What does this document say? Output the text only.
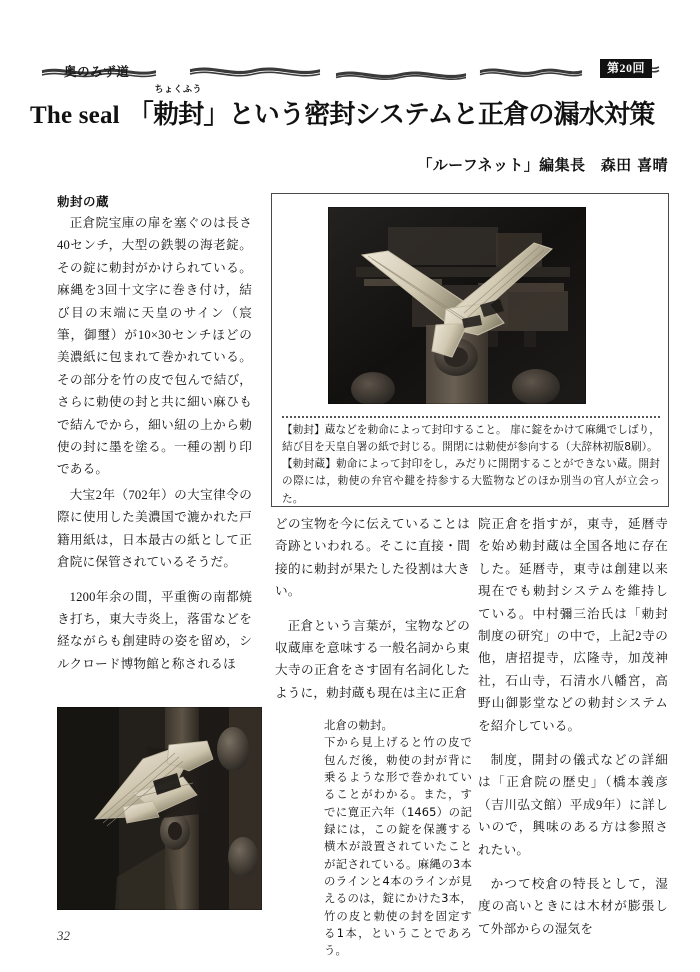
奥のみず道	第20回
The seal
ちょくふう
「勅封」という密封システムと正倉の漏水対策
「ルーフネット」編集長　森田 喜晴
勅封の蔵

正倉院宝庫の扉を塞ぐのは長さ40センチ，大型の鉄製の海老錠。その錠に勅封がかけられている。麻縄を3回十文字に巻き付け，結び目の末端に天皇のサイン（宸筆，御璽）が10×30センチほどの美濃紙に包まれて巻かれている。その部分を竹の皮で包んで結び，さらに勅使の封と共に細い麻ひもで結んでから，細い紐の上から勅使の封に墨を塗る。一種の割り印である。

大宝2年（702年）の大宝律令の際に使用した美濃国で漉かれた戸籍用紙は，日本最古の紙として正倉院に保管されているそうだ。

1200年余の間，平重衡の南都焼き打ち，東大寺炎上，落雷などを経ながらも創建時の姿を留め，シルクロード博物館と称されるほ

どの宝物を今に伝えていることは奇跡といわれる。そこに直接・間接的に勅封が果たした役割は大きい。

正倉という言葉が，宝物などの収蔵庫を意味する一般名詞から東大寺の正倉をさす固有名詞化したように，勅封蔵も現在は主に正倉

院正倉を指すが，東寺，延暦寺を始め勅封蔵は全国各地に存在した。延暦寺，東寺は創建以来現在でも勅封システムを維持している。中村彌三治氏は「勅封制度の研究」の中で，上記2寺の他，唐招提寺，広隆寺，加茂神社，石山寺，石清水八幡宮，高野山御影堂などの勅封システムを紹介している。

制度，開封の儀式などの詳細は「正倉院の歴史」（橋本義彦（吉川弘文館）平成9年）に詳しいので，興味のある方は参照されたい。

かつて校倉の特長として，湿度の高いときには木材が膨張して外部からの湿気を

【勅封】蔵などを勅命によって封印すること。 扉に錠をかけて麻縄でしばり，結び目を天皇自署の紙で封じる。開閉には勅使が参向する（大辞林初版8刷）。
【勅封蔵】勅命によって封印をし，みだりに開閉することができない蔵。開封の際には，勅使の弁官や鍵を持参する大監物などのほか別当の官人が立会った。

北倉の勅封。

下から見上げると竹の皮で包んだ後，勅使の封が背に乗るような形で巻かれていることがわかる。また，すでに寛正六年（1465）の記録には，この錠を保護する横木が設置されていたことが記されている。麻縄の3本のラインと4本のラインが見えるのは，錠にかけた3本，竹の皮と勅使の封を固定する1本，ということであろう。

32
